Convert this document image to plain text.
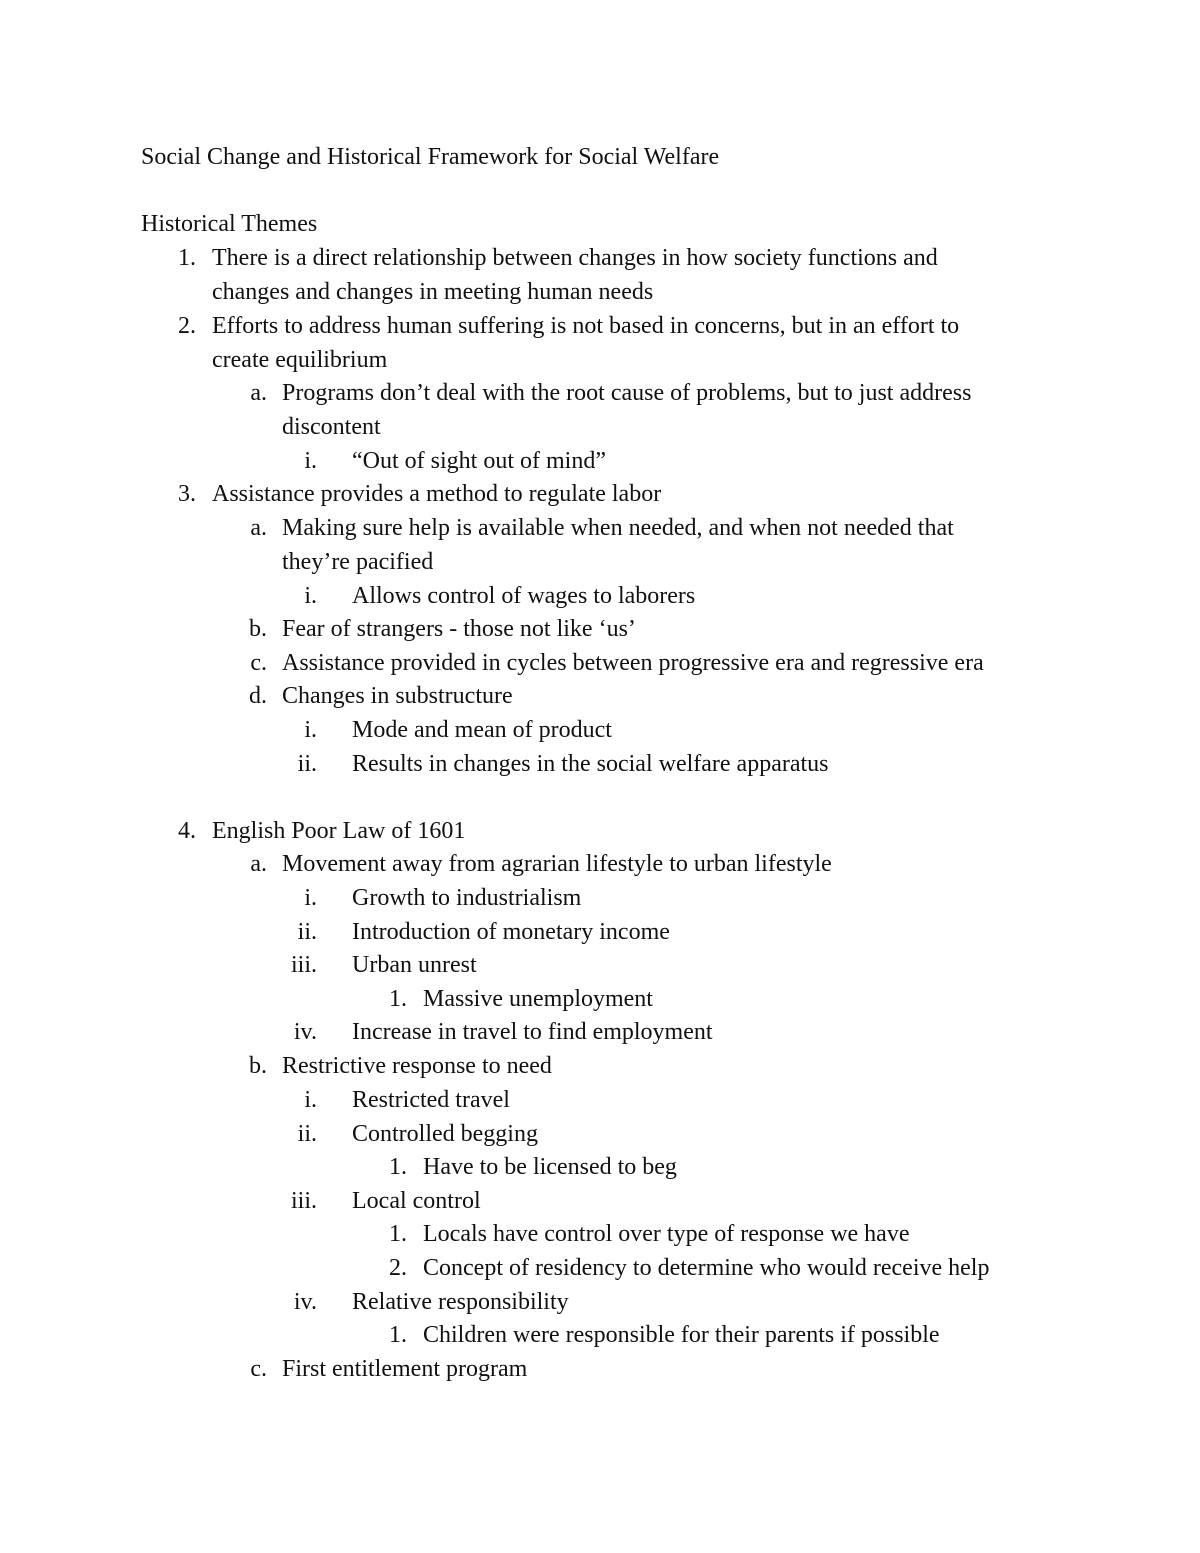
Social Change and Historical Framework for Social Welfare
Historical Themes
1. There is a direct relationship between changes in how society functions and
changes and changes in meeting human needs
2. Efforts to address human suffering is not based in concerns, but in an effort to
create equilibrium
a. Programs don’t deal with the root cause of problems, but to just address
discontent
i. “Out of sight out of mind”
3. Assistance provides a method to regulate labor
a. Making sure help is available when needed, and when not needed that
they’re pacified
i. Allows control of wages to laborers
b. Fear of strangers - those not like ‘us’
c. Assistance provided in cycles between progressive era and regressive era
d. Changes in substructure
i. Mode and mean of product
ii. Results in changes in the social welfare apparatus
4. English Poor Law of 1601
a. Movement away from agrarian lifestyle to urban lifestyle
i. Growth to industrialism
ii. Introduction of monetary income
iii. Urban unrest
1. Massive unemployment
iv. Increase in travel to find employment
b. Restrictive response to need
i. Restricted travel
ii. Controlled begging
1. Have to be licensed to beg
iii. Local control
1. Locals have control over type of response we have
2. Concept of residency to determine who would receive help
iv. Relative responsibility
1. Children were responsible for their parents if possible
c. First entitlement program
